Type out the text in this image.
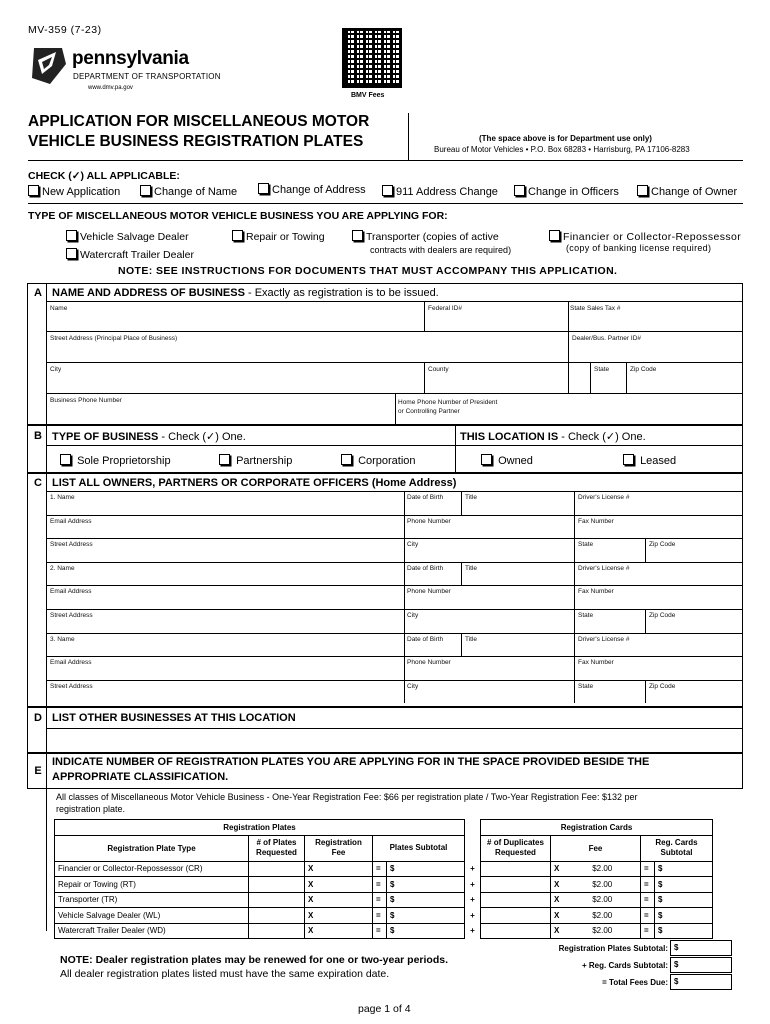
MV-359 (7-23)
pennsylvania
DEPARTMENT OF TRANSPORTATION
www.dmv.pa.gov
BMV Fees
APPLICATION FOR MISCELLANEOUS MOTOR
VEHICLE BUSINESS REGISTRATION PLATES	(The space above is for Department use only)
Bureau of Motor Vehicles • P.O. Box 68283 • Harrisburg, PA 17106-8283
CHECK (✓) ALL APPLICABLE:
New Application	Change of Name	Change of Address	911 Address Change	Change in Officers	Change of Owner
TYPE OF MISCELLANEOUS MOTOR VEHICLE BUSINESS YOU ARE APPLYING FOR:
Vehicle Salvage Dealer
Watercraft Trailer Dealer
Repair or Towing	Transporter (copies of active
contracts with dealers are required)
Financier or Collector-Repossessor
(copy of banking license required)
NOTE: SEE INSTRUCTIONS FOR DOCUMENTS THAT MUST ACCOMPANY THIS APPLICATION.
A NAME AND ADDRESS OF BUSINESS - Exactly as registration is to be issued.
Name	Federal ID#	State Sales Tax #
Street Address (Principal Place of Business)	Dealer/Bus. Partner ID#
City	County	State	Zip Code
Business Phone Number	Home Phone Number of President
or Controlling Partner
B TYPE OF BUSINESS - Check (✓) One.	THIS LOCATION IS - Check (✓) One.
Sole Proprietorship	Partnership	Corporation	Owned	Leased
C LIST ALL OWNERS, PARTNERS OR CORPORATE OFFICERS (Home Address)
1. Name	Date of Birth	Title	Driver's License #
Email Address	Phone Number	Fax Number
Street Address	City	State	Zip Code
2. Name	Date of Birth	Title	Driver's License #
Email Address	Phone Number	Fax Number
Street Address	City	State	Zip Code
3. Name	Date of Birth	Title	Driver's License #
Email Address	Phone Number	Fax Number
Street Address	City	State	Zip Code
D LIST OTHER BUSINESSES AT THIS LOCATION
E
INDICATE NUMBER OF REGISTRATION PLATES YOU ARE APPLYING FOR IN THE SPACE PROVIDED BESIDE THE
APPROPRIATE CLASSIFICATION.
All classes of Miscellaneous Motor Vehicle Business - One-Year Registration Fee: $66 per registration plate / Two-Year Registration Fee: $132 per
registration plate.
Registration Plates							Registration Cards				
Registration Plate Type	# of Plates Requested	Registration Fee		Plates Subtotal			# of Duplicates Requested	Fee		Reg. Cards Subtotal	
Financier or Collector-Repossessor (CR)		X		=	$	+		X	$2.00	=	$
Repair or Towing (RT)		X		=	$	+		X	$2.00	=	$
Transporter (TR)		X		=	$	+		X	$2.00	=	$
Vehicle Salvage Dealer (WL)		X		=	$	+		X	$2.00	=	$
Watercraft Trailer Dealer (WD)		X		=	$	+		X	$2.00	=	$
Registration Plates Subtotal: $
+ Reg. Cards Subtotal: $
= Total Fees Due: $
NOTE: Dealer registration plates may be renewed for one or two-year periods.
All dealer registration plates listed must have the same expiration date.
page 1 of 4
